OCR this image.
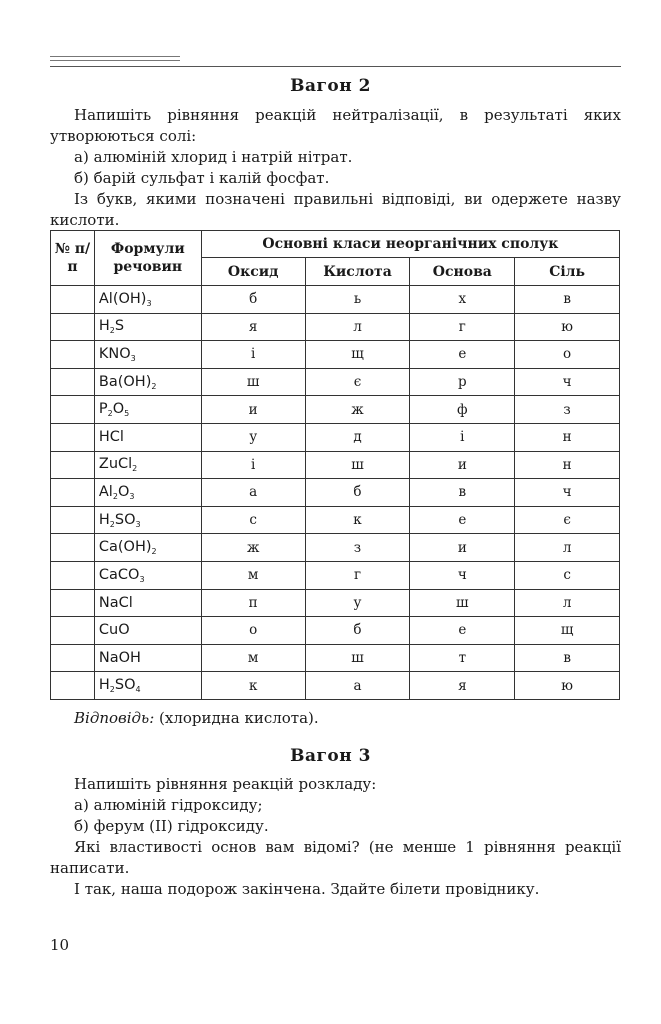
Вагон 2
Напишіть рівняння реакцій нейтралізації, в результаті яких утворюються солі:
а) алюміній хлорид і натрій нітрат.
б) барій сульфат і калій фосфат.
Із букв, якими позначені правильні відповіді, ви одержете назву кислоти.
№ п/п	Формули речовин	Основні класи неорганічних сполук			
		Оксид	Кислота	Основа	Сіль
	$Al(OH)_3$	б	ь	х	в
	$H_2S$	я	л	г	ю
	$KNO_3$	і	щ	е	о
	$Ba(OH)_2$	ш	є	р	ч
	$P_2O_5$	и	ж	ф	з
	HCl	у	д	і	н
	ZuCl$_2$	і	ш	и	н
	$Al_2O_3$	а	б	в	ч
	$H_2SO_3$	с	к	е	є
	$Ca(OH)_2$	ж	з	и	л
	CaCO$_3$	м	г	ч	с
	NaCl	п	у	ш	л
	CuO	о	б	е	щ
	NaOH	м	ш	т	в
	$H_2SO_4$	к	а	я	ю
Відповідь: (хлоридна кислота).
Вагон 3
Напишіть рівняння реакцій розкладу:
а) алюміній гідроксиду;
б) ферум (ІІ) гідроксиду.
Які властивості основ вам відомі? (не менше 1 рівняння реакції написати.
І так, наша подорож закінчена. Здайте білети провіднику.
10
